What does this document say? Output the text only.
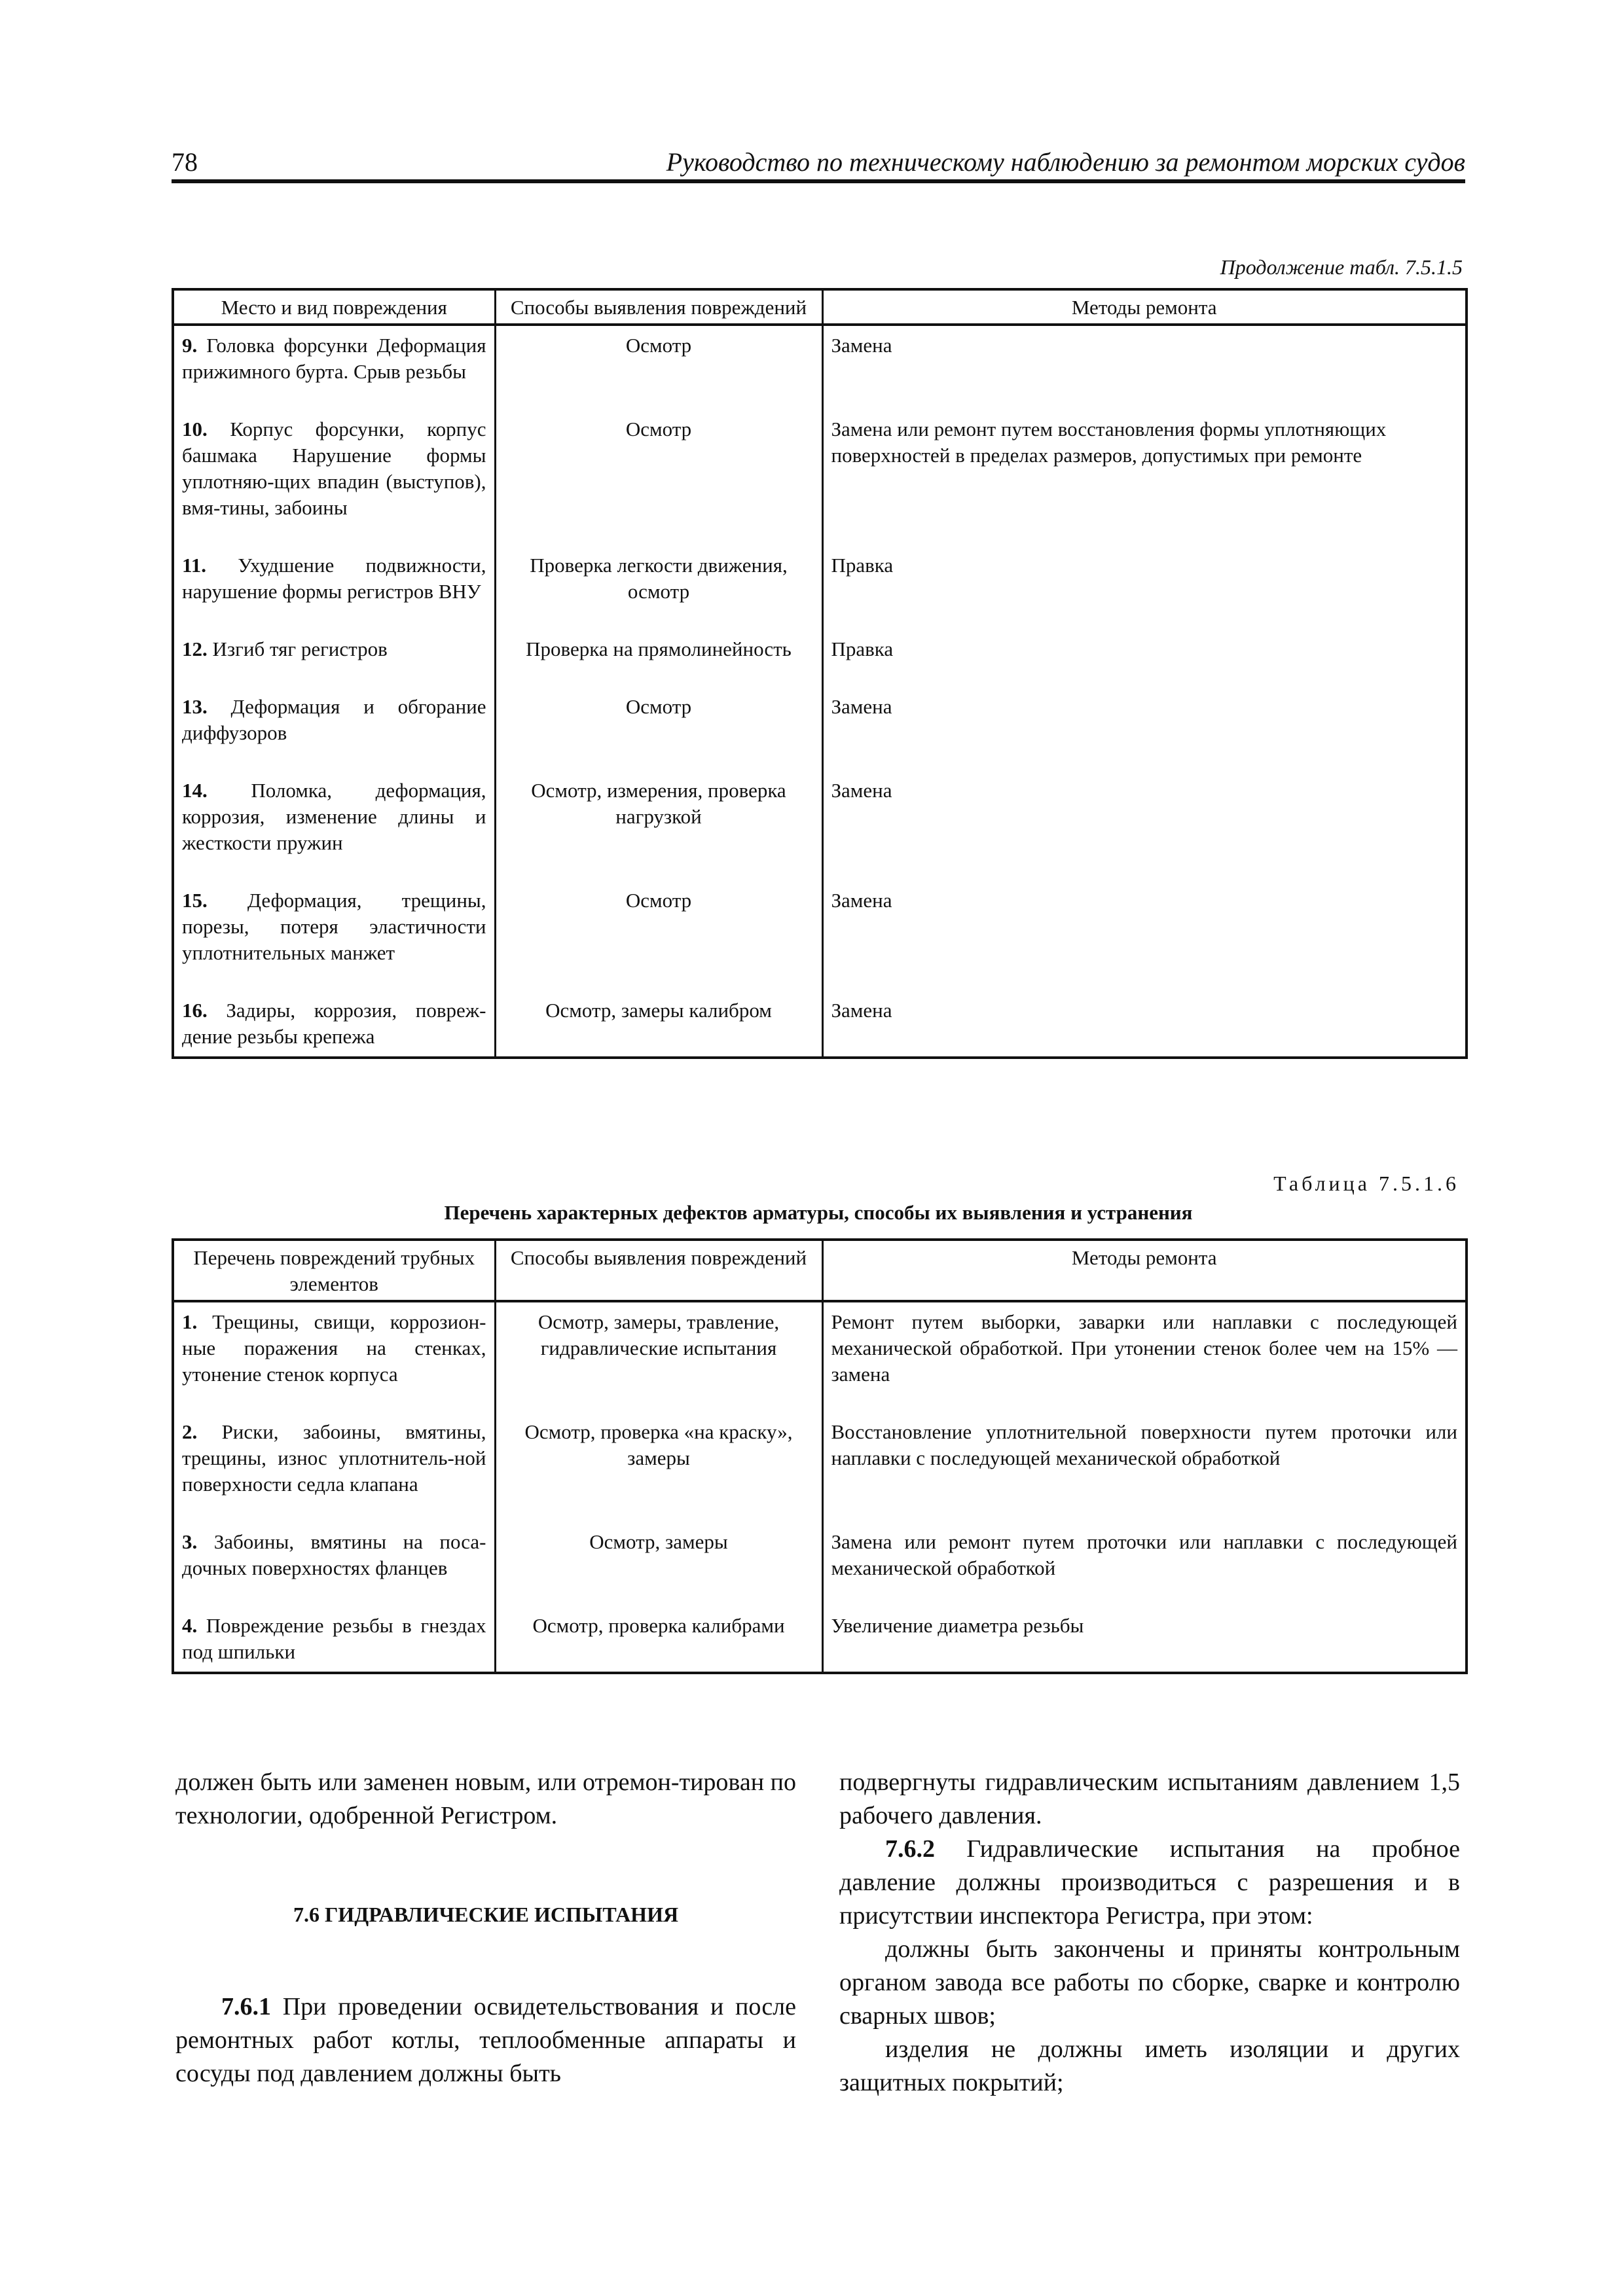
78	Руководство по техническому наблюдению за ремонтом морских судов
Продолжение табл. 7.5.1.5
Место и вид повреждения	Способы выявления повреждений	Методы ремонта
9. Головка форсунки Деформация прижимного бурта. Срыв резьбы	Осмотр	Замена
10. Корпус форсунки, корпус башмака Нарушение формы уплотняю-щих впадин (выступов), вмя-тины, забоины	Осмотр	Замена или ремонт путем восстановления формы уплотняющих поверхностей в пределах размеров, допустимых при ремонте
11. Ухудшение подвижности, нарушение формы регистров ВНУ	Проверка легкости движения, осмотр	Правка
12. Изгиб тяг регистров	Проверка на прямолинейность	Правка
13. Деформация и обгорание диффузоров	Осмотр	Замена
14. Поломка, деформация, коррозия, изменение длины и жесткости пружин	Осмотр, измерения, проверка нагрузкой	Замена
15. Деформация, трещины, порезы, потеря эластичности уплотнительных манжет	Осмотр	Замена
16. Задиры, коррозия, повреж-дение резьбы крепежа	Осмотр, замеры калибром	Замена
Таблица 7.5.1.6
Перечень характерных дефектов арматуры, способы их выявления и устранения
Перечень повреждений трубных элементов	Способы выявления повреждений	Методы ремонта
1. Трещины, свищи, коррозион-ные поражения на стенках, утонение стенок корпуса	Осмотр, замеры, травление, гидравлические испытания	Ремонт путем выборки, заварки или наплавки с последующей механической обработкой. При утонении стенок более чем на 15% — замена
2. Риски, забоины, вмятины, трещины, износ уплотнитель-ной поверхности седла клапана	Осмотр, проверка «на краску», замеры	Восстановление уплотнительной поверхности путем проточки или наплавки с последующей механической обработкой
3. Забоины, вмятины на поса-дочных поверхностях фланцев	Осмотр, замеры	Замена или ремонт путем проточки или наплавки с последующей механической обработкой
4. Повреждение резьбы в гнездах под шпильки	Осмотр, проверка калибрами	Увеличение диаметра резьбы

должен быть или заменен новым, или отремон-тирован по технологии, одобренной Регистром.

7.6 ГИДРАВЛИЧЕСКИЕ ИСПЫТАНИЯ

7.6.1 При проведении освидетельствования и после ремонтных работ котлы, теплообменные аппараты и сосуды под давлением должны быть

подвергнуты гидравлическим испытаниям давлением 1,5 рабочего давления.

7.6.2 Гидравлические испытания на пробное давление должны производиться с разрешения и в присутствии инспектора Регистра, при этом:

должны быть закончены и приняты контрольным органом завода все работы по сборке, сварке и контролю сварных швов;

изделия не должны иметь изоляции и других защитных покрытий;
